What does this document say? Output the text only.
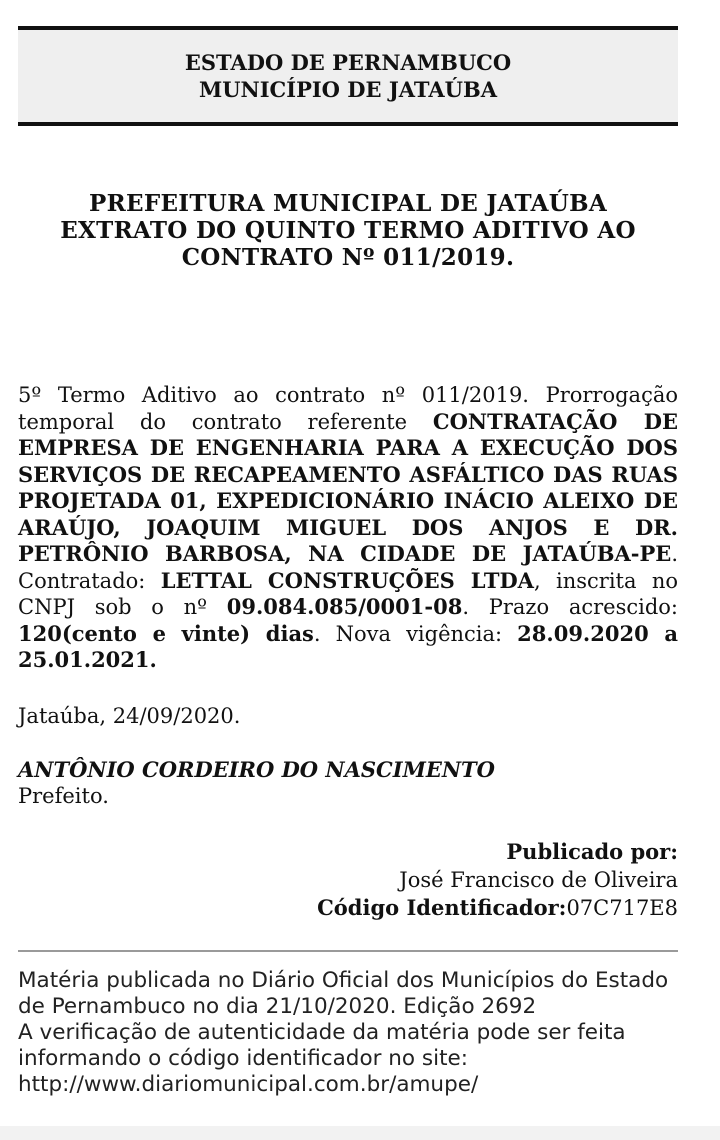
ESTADO DE PERNAMBUCO
MUNICÍPIO DE JATAÚBA
PREFEITURA MUNICIPAL DE JATAÚBA
EXTRATO DO QUINTO TERMO ADITIVO AO
CONTRATO Nº 011/2019.
5º Termo Aditivo ao contrato nº 011/2019. Prorrogação temporal do contrato referente CONTRATAÇÃO DE EMPRESA DE ENGENHARIA PARA A EXECUÇÃO DOS SERVIÇOS DE RECAPEAMENTO ASFÁLTICO DAS RUAS PROJETADA 01, EXPEDICIONÁRIO INÁCIO ALEIXO DE ARAÚJO, JOAQUIM MIGUEL DOS ANJOS E DR. PETRÔNIO BARBOSA, NA CIDADE DE JATAÚBA-PE. Contratado: LETTAL CONSTRUÇÕES LTDA, inscrita no CNPJ sob o nº 09.084.085/0001-08. Prazo acrescido: 120(cento e vinte) dias. Nova vigência: 28.09.2020 a 25.01.2021.
Jataúba, 24/09/2020.
ANTÔNIO CORDEIRO DO NASCIMENTO
Prefeito.
Publicado por:
José Francisco de Oliveira
Código Identificador:07C717E8

Matéria publicada no Diário Oficial dos Municípios do Estado de Pernambuco no dia 21/10/2020. Edição 2692

A verificação de autenticidade da matéria pode ser feita informando o código identificador no site:

http://www.diariomunicipal.com.br/amupe/
